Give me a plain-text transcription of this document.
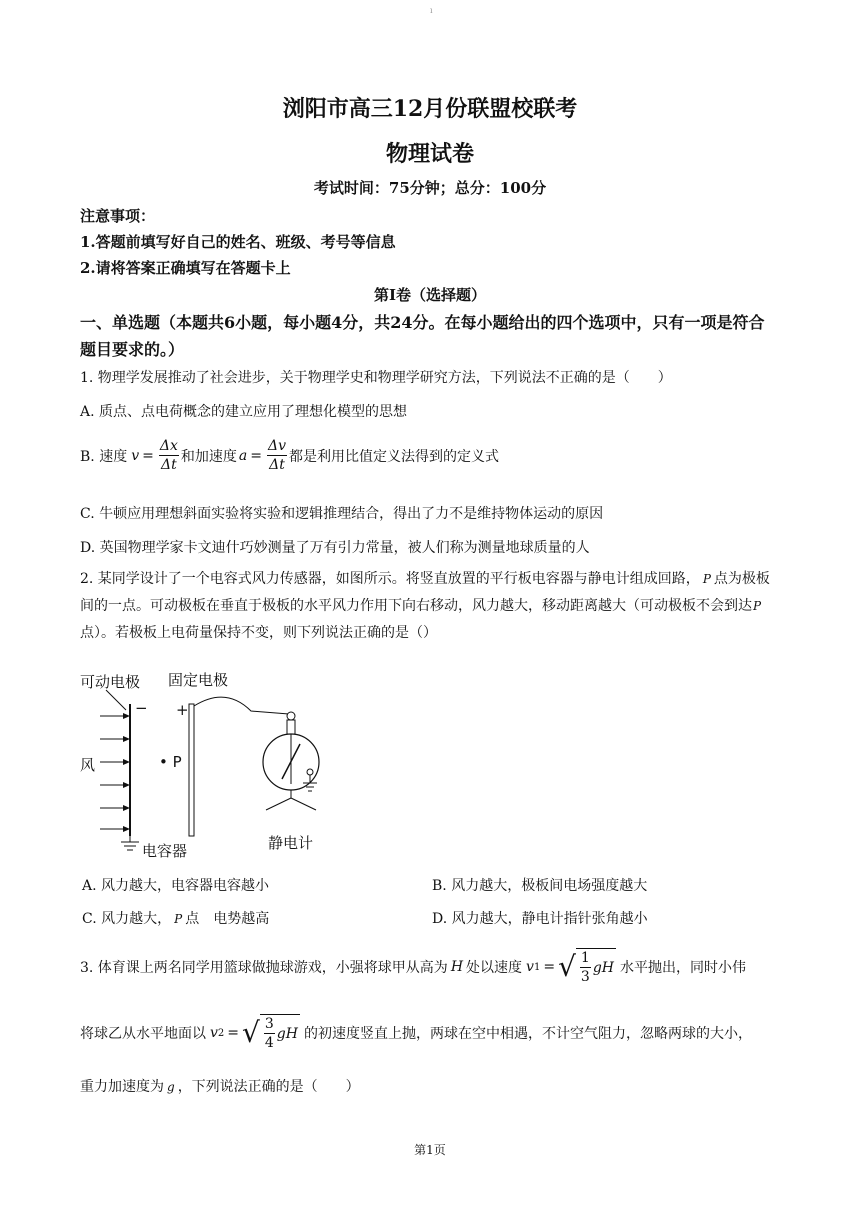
ı
浏阳市高三12月份联盟校联考
物理试卷
考试时间：75分钟；总分：100分
注意事项：
1.答题前填写好自己的姓名、班级、考号等信息
2.请将答案正确填写在答题卡上
第I卷（选择题）
一、单选题（本题共6小题，每小题4分，共24分。在每小题给出的四个选项中，只有一项是符合题目要求的。）
1. 物理学发展推动了社会进步，关于物理学史和物理学研究方法，下列说法不正确的是（　　）
A. 质点、点电荷概念的建立应用了理想化模型的思想
B. 速度 $v = \frac{\Delta x}{\Delta t}$ 和加速度 $a = \frac{\Delta v}{\Delta t}$ 都是利用比值定义法得到的定义式
C. 牛顿应用理想斜面实验将实验和逻辑推理结合，得出了力不是维持物体运动的原因
D. 英国物理学家卡文迪什巧妙测量了万有引力常量，被人们称为测量地球质量的人
2. 某同学设计了一个电容式风力传感器，如图所示。将竖直放置的平行板电容器与静电计组成回路， P 点为极板间的一点。可动极板在垂直于极板的水平风力作用下向右移动，风力越大，移动距离越大（可动极板不会到达P点）。若极板上电荷量保持不变，则下列说法正确的是（）
可动电极 固定电极
− +
风	• P
电容器	静电计
A. 风力越大，电容器电容越小	B. 风力越大，极板间电场强度越大
C. 风力越大， P 点　电势越高	D. 风力越大，静电计指针张角越小
3. 体育课上两名同学用篮球做抛球游戏，小强将球甲从高为 H 处以速度 v 1 = √ $\frac{1}{3}$ gH 水平抛出，同时小伟
将球乙从水平地面以 v 2 = √ $\frac{3}{4}$ gH 的初速度竖直上抛，两球在空中相遇，不计空气阻力，忽略两球的大小，
重力加速度为 g ，下列说法正确的是（　　）
第1页
